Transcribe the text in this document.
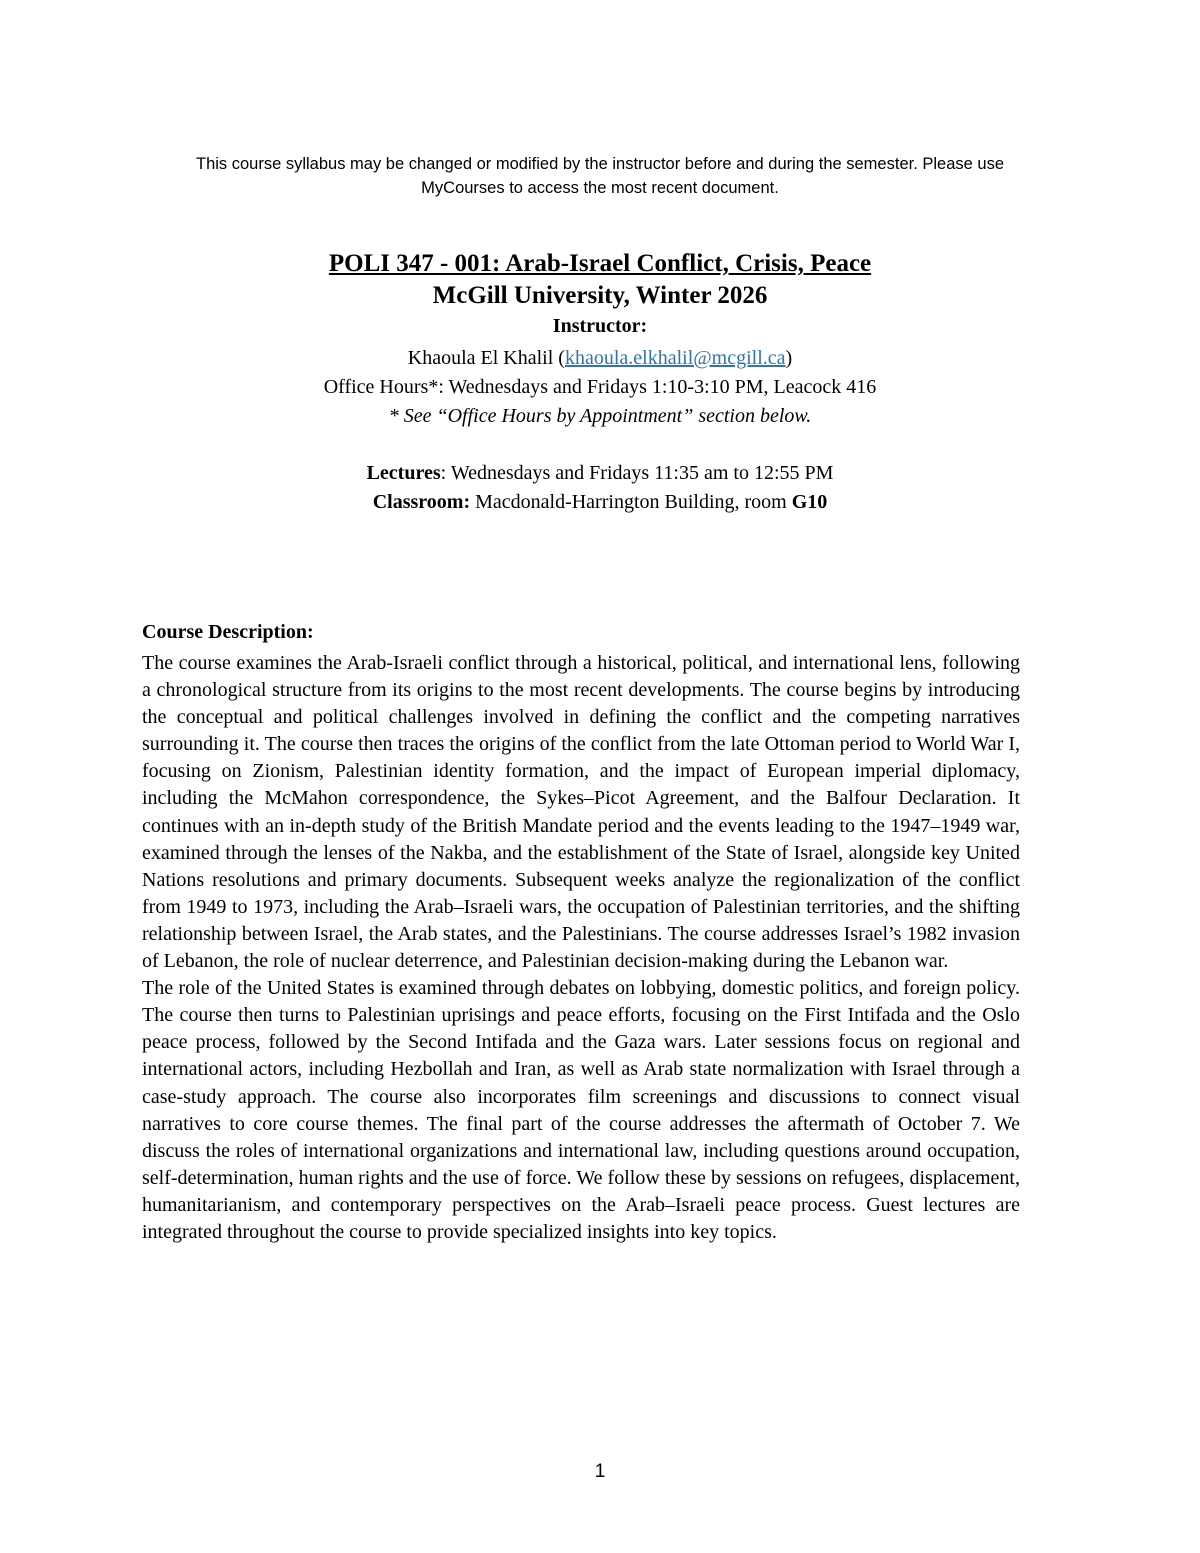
This course syllabus may be changed or modified by the instructor before and during the semester. Please use
MyCourses to access the most recent document.
POLI 347 - 001: Arab-Israel Conflict, Crisis, Peace
McGill University, Winter 2026
Instructor:
Khaoula El Khalil (khaoula.elkhalil@mcgill.ca)
Office Hours*: Wednesdays and Fridays 1:10-3:10 PM, Leacock 416
* See “Office Hours by Appointment” section below.
Lectures: Wednesdays and Fridays 11:35 am to 12:55 PM
Classroom: Macdonald-Harrington Building, room G10
Course Description:

The course examines the Arab-Israeli conflict through a historical, political, and international lens, following a chronological structure from its origins to the most recent developments. The course begins by introducing the conceptual and political challenges involved in defining the conflict and the competing narratives surrounding it. The course then traces the origins of the conflict from the late Ottoman period to World War I, focusing on Zionism, Palestinian identity formation, and the impact of European imperial diplomacy, including the McMahon correspondence, the Sykes–Picot Agreement, and the Balfour Declaration. It continues with an in-depth study of the British Mandate period and the events leading to the 1947–1949 war, examined through the lenses of the Nakba, and the establishment of the State of Israel, alongside key United Nations resolutions and primary documents. Subsequent weeks analyze the regionalization of the conflict from 1949 to 1973, including the Arab–Israeli wars, the occupation of Palestinian territories, and the shifting relationship between Israel, the Arab states, and the Palestinians. The course addresses Israel’s 1982 invasion of Lebanon, the role of nuclear deterrence, and Palestinian decision-making during the Lebanon war.

The role of the United States is examined through debates on lobbying, domestic politics, and foreign policy. The course then turns to Palestinian uprisings and peace efforts, focusing on the First Intifada and the Oslo peace process, followed by the Second Intifada and the Gaza wars. Later sessions focus on regional and international actors, including Hezbollah and Iran, as well as Arab state normalization with Israel through a case-study approach. The course also incorporates film screenings and discussions to connect visual narratives to core course themes. The final part of the course addresses the aftermath of October 7. We discuss the roles of international organizations and international law, including questions around occupation, self-determination, human rights and the use of force. We follow these by sessions on refugees, displacement, humanitarianism, and contemporary perspectives on the Arab–Israeli peace process. Guest lectures are integrated throughout the course to provide specialized insights into key topics.

1
